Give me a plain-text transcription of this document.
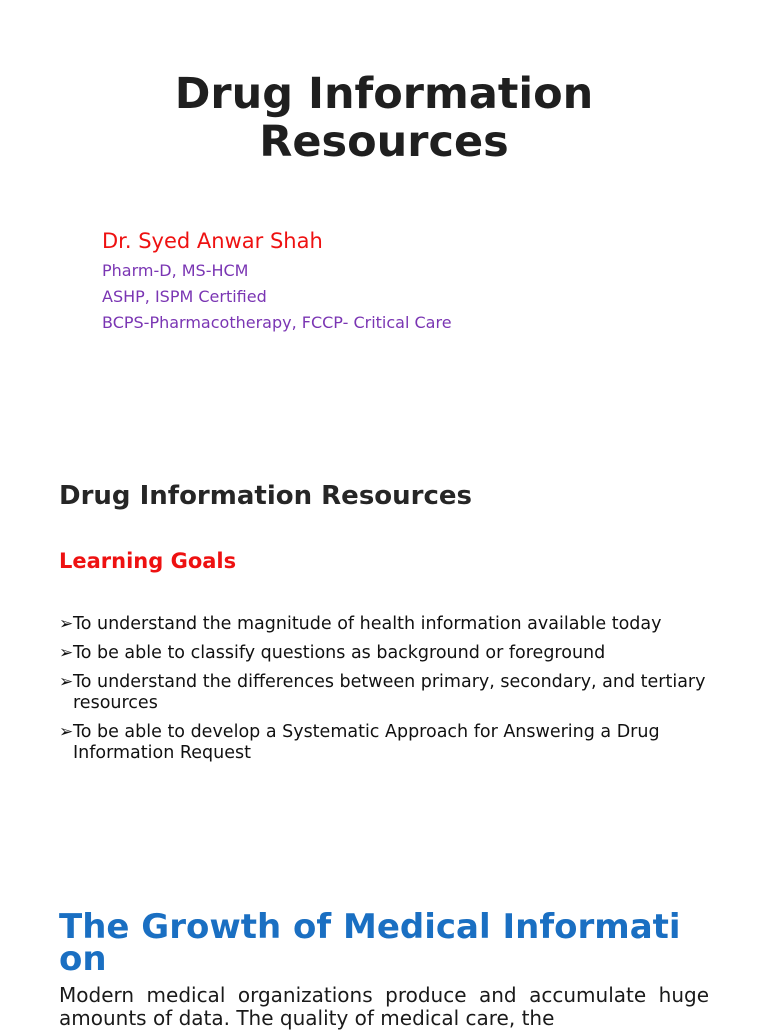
Drug Information
Resources

Dr. Syed Anwar Shah

Pharm-D, MS-HCM

ASHP, ISPM Certified

BCPS-Pharmacotherapy, FCCP- Critical Care

Drug Information Resources
Learning Goals
➢ To understand the magnitude of health information available today
➢ To be able to classify questions as background or foreground
➢ To understand the differences between primary, secondary, and tertiary resources
➢ To be able to develop a Systematic Approach for Answering a Drug Information Request
The Growth of Medical Informati
on

Modern medical organizations produce and accumulate huge amounts of data. The quality of medical care, the
